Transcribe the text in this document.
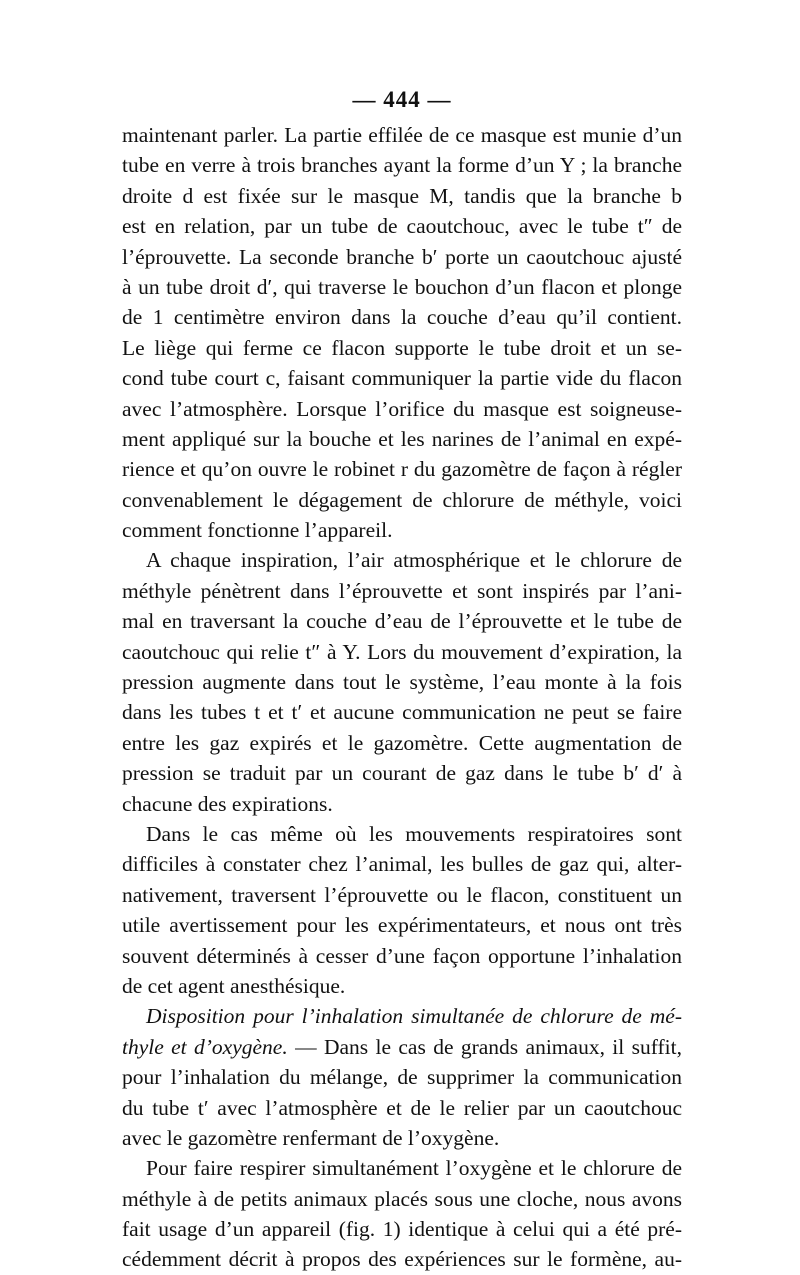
— 444 —
maintenant parler. La partie effilée de ce masque est munie d’un
tube en verre à trois branches ayant la forme d’un Y ; la branche
droite d est fixée sur le masque M, tandis que la branche b
est en relation, par un tube de caoutchouc, avec le tube t″ de
l’éprouvette. La seconde branche b′ porte un caoutchouc ajusté
à un tube droit d′, qui traverse le bouchon d’un flacon et plonge
de 1 centimètre environ dans la couche d’eau qu’il contient.
Le liège qui ferme ce flacon supporte le tube droit et un se-
cond tube court c, faisant communiquer la partie vide du flacon
avec l’atmosphère. Lorsque l’orifice du masque est soigneuse-
ment appliqué sur la bouche et les narines de l’animal en expé-
rience et qu’on ouvre le robinet r du gazomètre de façon à régler
convenablement le dégagement de chlorure de méthyle, voici
comment fonctionne l’appareil.
A chaque inspiration, l’air atmosphérique et le chlorure de
méthyle pénètrent dans l’éprouvette et sont inspirés par l’ani-
mal en traversant la couche d’eau de l’éprouvette et le tube de
caoutchouc qui relie t″ à Y. Lors du mouvement d’expiration, la
pression augmente dans tout le système, l’eau monte à la fois
dans les tubes t et t′ et aucune communication ne peut se faire
entre les gaz expirés et le gazomètre. Cette augmentation de
pression se traduit par un courant de gaz dans le tube b′ d′ à
chacune des expirations.
Dans le cas même où les mouvements respiratoires sont
difficiles à constater chez l’animal, les bulles de gaz qui, alter-
nativement, traversent l’éprouvette ou le flacon, constituent un
utile avertissement pour les expérimentateurs, et nous ont très
souvent déterminés à cesser d’une façon opportune l’inhalation
de cet agent anesthésique.
Disposition pour l’inhalation simultanée de chlorure de mé-
thyle et d’oxygène. — Dans le cas de grands animaux, il suffit,
pour l’inhalation du mélange, de supprimer la communication
du tube t′ avec l’atmosphère et de le relier par un caoutchouc
avec le gazomètre renfermant de l’oxygène.
Pour faire respirer simultanément l’oxygène et le chlorure de
méthyle à de petits animaux placés sous une cloche, nous avons
fait usage d’un appareil (fig. 1) identique à celui qui a été pré-
cédemment décrit à propos des expériences sur le formène, au-
